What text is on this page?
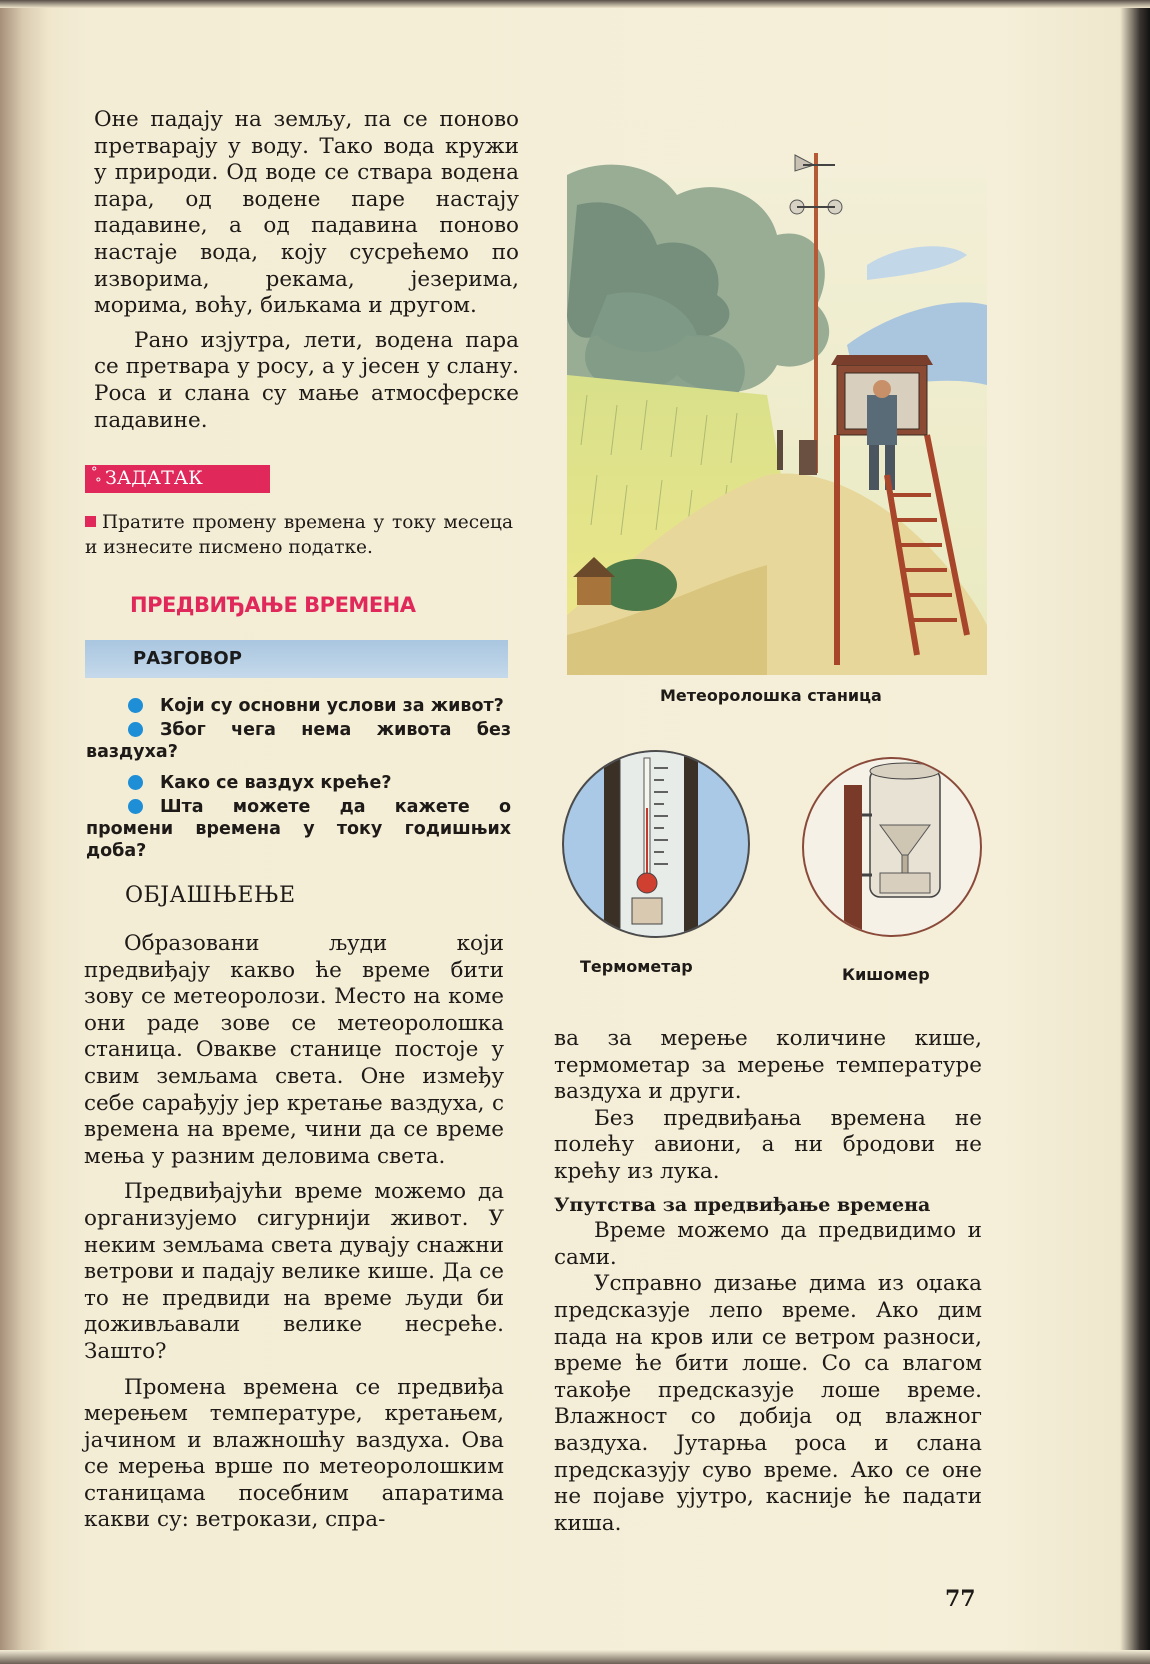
Оне падају на земљу, па се поново претварају у воду. Тако вода кружи у природи. Од воде се ствара водена пара, од водене паре настају падавине, а од падавина поново настаје вода, коју сусрећемо по изворима, рекама, језерима, морима, воћу, биљкама и другом.

Рано изјутра, лети, водена пара се претвара у росу, а у јесен у слану. Роса и слана су мање атмосферске падавине.

°
° ЗАДАТАК
Пратите промену времена у току месеца и изнесите писмено податке.
ПРЕДВИЂАЊЕ ВРЕМЕНА
РАЗГОВОР
Који су основни услови за живот?
Због чега нема живота без ваздуха?
Како се ваздух креће?
Шта можете да кажете о промени времена у току годишњих доба?
ОБЈАШЊЕЊЕ

Образовани људи који предвиђају какво ће време бити зову се метеоролози. Место на коме они раде зове се метеоролошка станица. Овакве станице постоје у свим земљама света. Оне између себе сарађују јер кретање ваздуха, с времена на време, чини да се време мења у разним деловима света.

Предвиђајући време можемо да организујемо сигурнији живот. У неким земљама света дувају снажни ветрови и падају велике кише. Да се то не предвиди на време људи би доживљавали велике несреће. Зашто?

Промена времена се предвиђа мерењем температуре, кретањем, јачином и влажношћу ваздуха. Ова се мерења врше по метеоролошким станицама посебним апаратима какви су: ветрокази, спра-

ва за мерење количине кише, термометар за мерење температуре ваздуха и други.

Без предвиђања времена не полећу авиони, а ни бродови не крећу из лука.

Упутства за предвиђање времена

Време можемо да предвидимо и сами.

Усправно дизање дима из оџака предсказује лепо време. Ако дим пада на кров или се ветром разноси, време ће бити лоше. Со са влагом такође предсказује лоше време. Влажност со добија од влажног ваздуха. Јутарња роса и слана предсказују суво време. Ако се оне не појаве ујутро, касније ће падати киша.

Метеоролошка станица
Термометар	Кишомер
77
